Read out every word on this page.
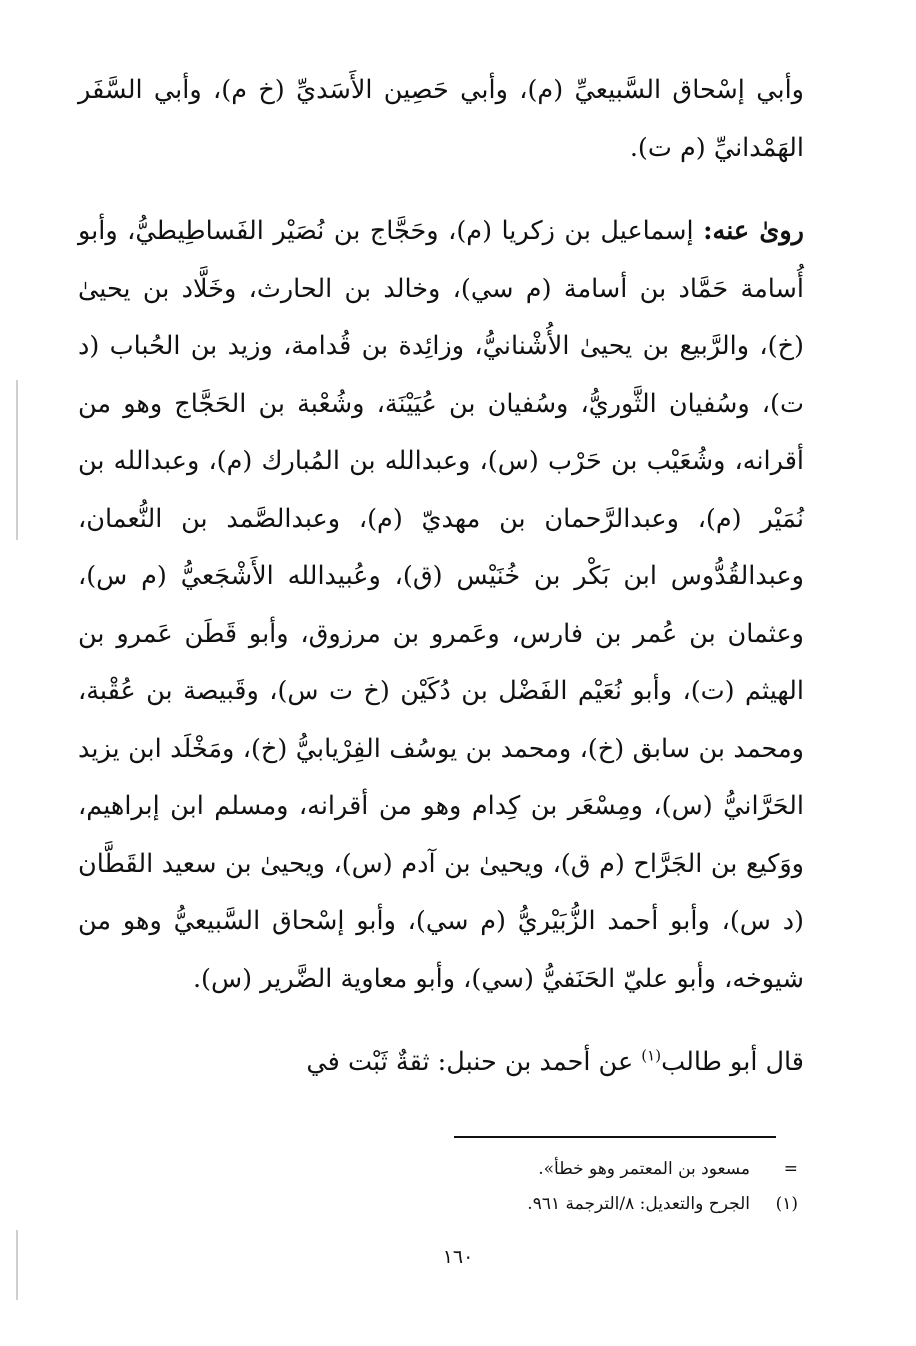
وأبي إسْحاق السَّبيعيِّ (م)، وأبي حَصِين الأَسَديِّ (خ م)، وأبي السَّفَر الهَمْدانيِّ (م ت).

روىٰ عنه: إسماعيل بن زكريا (م)، وحَجَّاج بن نُصَيْر الفَساطِيطيُّ، وأبو أُسامة حَمَّاد بن أسامة (م سي)، وخالد بن الحارث، وخَلَّاد بن يحيىٰ (خ)، والرَّبيع بن يحيىٰ الأُشْنانيُّ، وزائِدة بن قُدامة، وزيد بن الحُباب (د ت)، وسُفيان الثَّوريُّ، وسُفيان بن عُيَيْنَة، وشُعْبة بن الحَجَّاج وهو من أقرانه، وشُعَيْب بن حَرْب (س)، وعبدالله بن المُبارك (م)، وعبدالله بن نُمَيْر (م)، وعبدالرَّحمان بن مهديّ (م)، وعبدالصَّمد بن النُّعمان، وعبدالقُدُّوس ابن بَكْر بن خُنَيْس (ق)، وعُبيدالله الأَشْجَعيُّ (م س)، وعثمان بن عُمر بن فارس، وعَمرو بن مرزوق، وأبو قَطَن عَمرو بن الهيثم (ت)، وأبو نُعَيْم الفَضْل بن دُكَيْن (خ ت س)، وقَبيصة بن عُقْبة، ومحمد بن سابق (خ)، ومحمد بن يوسُف الفِرْيابيُّ (خ)، ومَخْلَد ابن يزيد الحَرَّانيُّ (س)، ومِسْعَر بن كِدام وهو من أقرانه، ومسلم ابن إبراهيم، ووَكيع بن الجَرَّاح (م ق)، ويحيىٰ بن آدم (س)، ويحيىٰ بن سعيد القَطَّان (د س)، وأبو أحمد الزُّبَيْريُّ (م سي)، وأبو إسْحاق السَّبيعيُّ وهو من شيوخه، وأبو عليّ الحَنَفيُّ (سي)، وأبو معاوية الضَّرير (س).

قال أبو طالب$^{(١)}$ عن أحمد بن حنبل: ثقةٌ ثَبْت في

=
مسعود بن المعتمر وهو خطأ».
(١)
الجرح والتعديل: ٨/الترجمة ٩٦١.
١٦٠
